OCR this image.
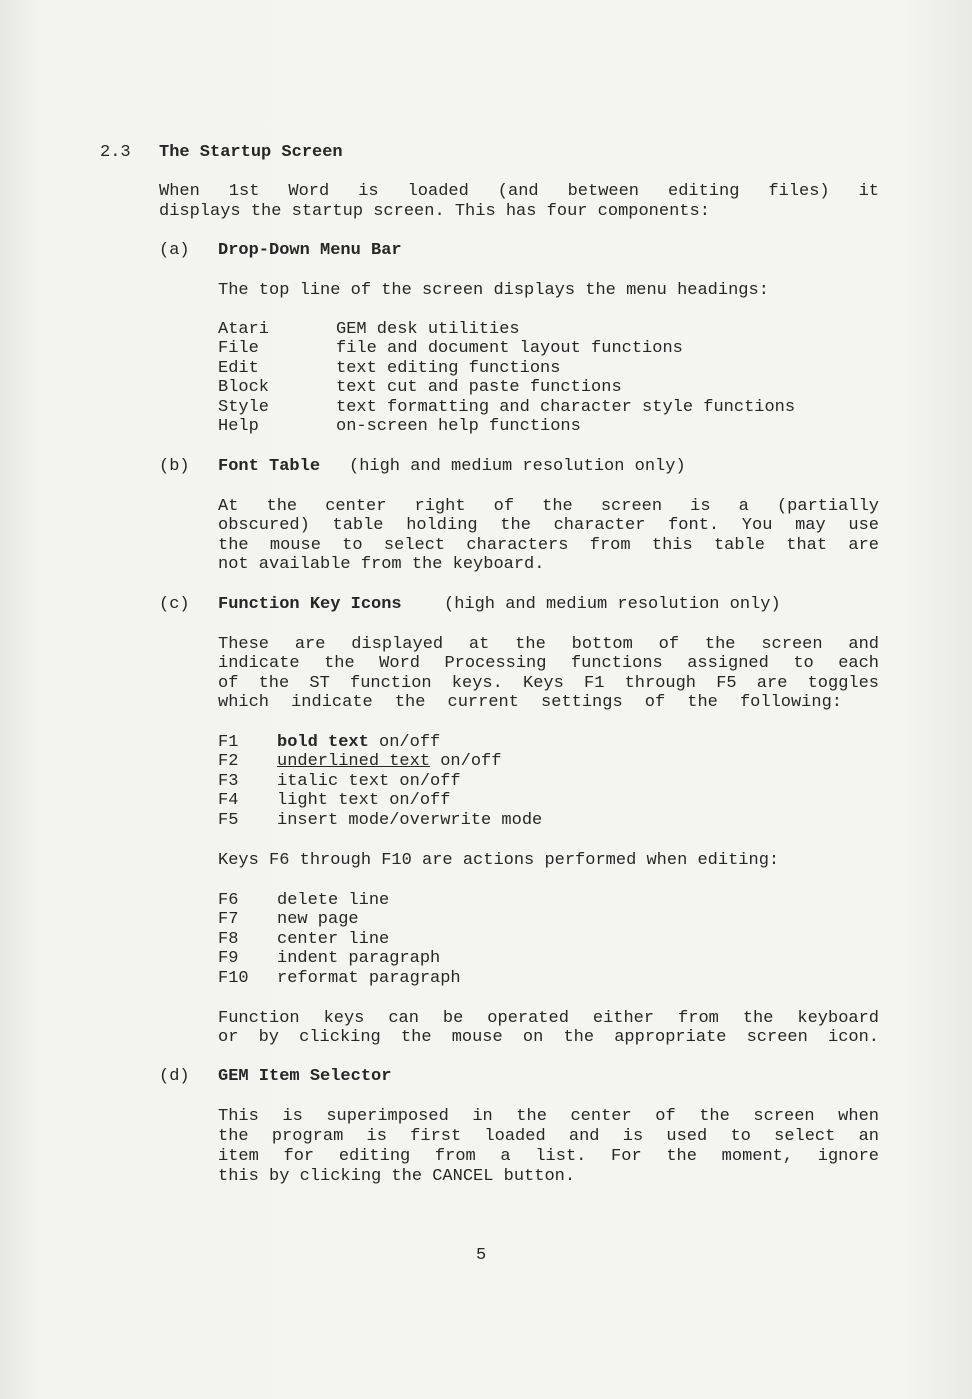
2.3 The Startup Screen
When 1st Word is loaded (and between editing files) it
displays the startup screen. This has four components:
(a) Drop-Down Menu Bar
The top line of the screen displays the menu headings:
Atari	GEM desk utilities
File	file and document layout functions
Edit	text editing functions
Block	text cut and paste functions
Style	text formatting and character style functions
Help	on-screen help functions
(b) Font Table (high and medium resolution only)
At the center right of the screen is a (partially
obscured) table holding the character font. You may use
the mouse to select characters from this table that are
not available from the keyboard.
(c) Function Key Icons (high and medium resolution only)
These are displayed at the bottom of the screen and
indicate the Word Processing functions assigned to each
of the ST function keys. Keys F1 through F5 are toggles
which indicate the current settings of the following:
F1 bold text on/off
F2 underlined text on/off
F3 italic text on/off
F4 light text on/off
F5 insert mode/overwrite mode
Keys F6 through F10 are actions performed when editing:
F6 delete line
F7 new page
F8 center line
F9 indent paragraph
F10 reformat paragraph
Function keys can be operated either from the keyboard
or by clicking the mouse on the appropriate screen icon.
(d) GEM Item Selector
This is superimposed in the center of the screen when
the program is first loaded and is used to select an
item for editing from a list. For the moment, ignore
this by clicking the CANCEL button.
5
